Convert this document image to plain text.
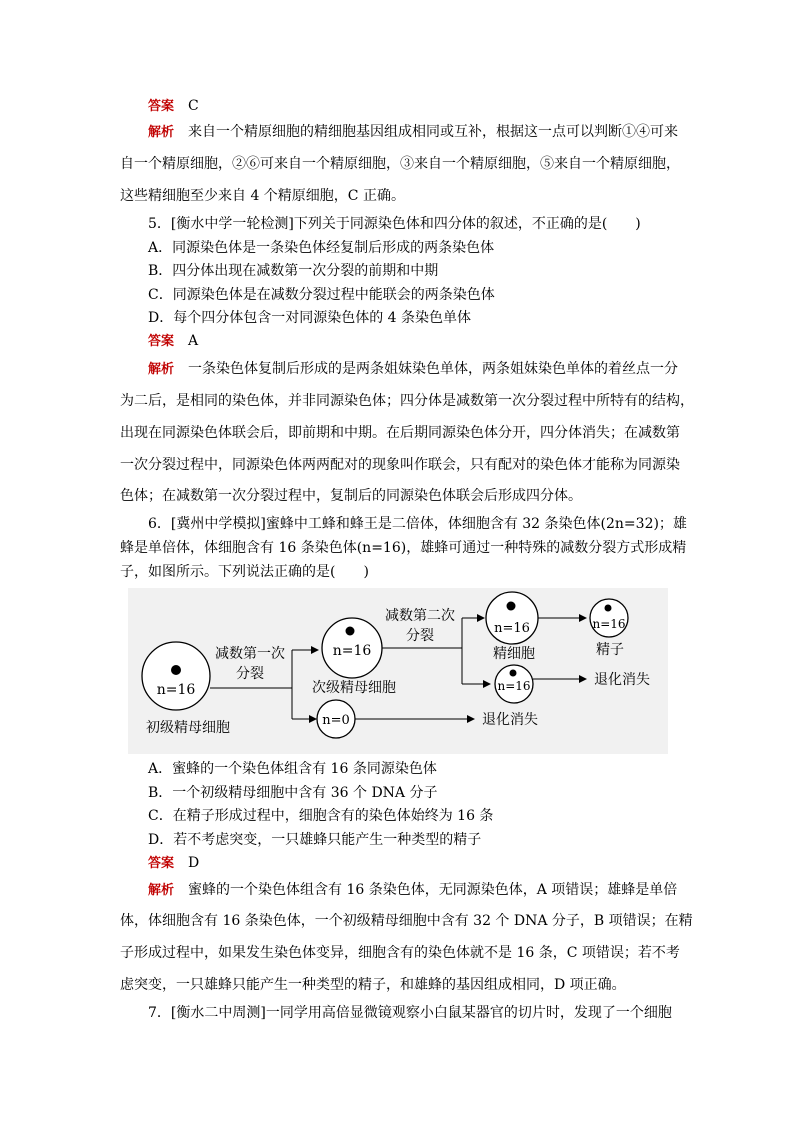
答案 C
解析 来自一个精原细胞的精细胞基因组成相同或互补，根据这一点可以判断①④可来
自一个精原细胞，②⑥可来自一个精原细胞，③来自一个精原细胞，⑤来自一个精原细胞，
这些精细胞至少来自 4 个精原细胞，C 正确。
5．[衡水中学一轮检测]下列关于同源染色体和四分体的叙述，不正确的是(　　)
A．同源染色体是一条染色体经复制后形成的两条染色体
B．四分体出现在减数第一次分裂的前期和中期
C．同源染色体是在减数分裂过程中能联会的两条染色体
D．每个四分体包含一对同源染色体的 4 条染色单体
答案 A
解析 一条染色体复制后形成的是两条姐妹染色单体，两条姐妹染色单体的着丝点一分
为二后，是相同的染色体，并非同源染色体；四分体是减数第一次分裂过程中所特有的结构，
出现在同源染色体联会后，即前期和中期。在后期同源染色体分开，四分体消失；在减数第
一次分裂过程中，同源染色体两两配对的现象叫作联会，只有配对的染色体才能称为同源染
色体；在减数第一次分裂过程中，复制后的同源染色体联会后形成四分体。
6．[冀州中学模拟]蜜蜂中工蜂和蜂王是二倍体，体细胞含有 32 条染色体(2n=32)；雄
蜂是单倍体，体细胞含有 16 条染色体(n=16)，雄蜂可通过一种特殊的减数分裂方式形成精
子，如图所示。下列说法正确的是(　　)
n=16
初级精母细胞
减数第一次
分裂
n=16
次级精母细胞
n=0	退化消失
减数第二次
分裂	n=16
精细胞
n=16	退化消失
n=16
精子
A．蜜蜂的一个染色体组含有 16 条同源染色体
B．一个初级精母细胞中含有 36 个 DNA 分子
C．在精子形成过程中，细胞含有的染色体始终为 16 条
D．若不考虑突变，一只雄蜂只能产生一种类型的精子
答案 D
解析 蜜蜂的一个染色体组含有 16 条染色体，无同源染色体，A 项错误；雄蜂是单倍
体，体细胞含有 16 条染色体，一个初级精母细胞中含有 32 个 DNA 分子，B 项错误；在精
子形成过程中，如果发生染色体变异，细胞含有的染色体就不是 16 条，C 项错误；若不考
虑突变，一只雄蜂只能产生一种类型的精子，和雄蜂的基因组成相同，D 项正确。
7．[衡水二中周测]一同学用高倍显微镜观察小白鼠某器官的切片时，发现了一个细胞
